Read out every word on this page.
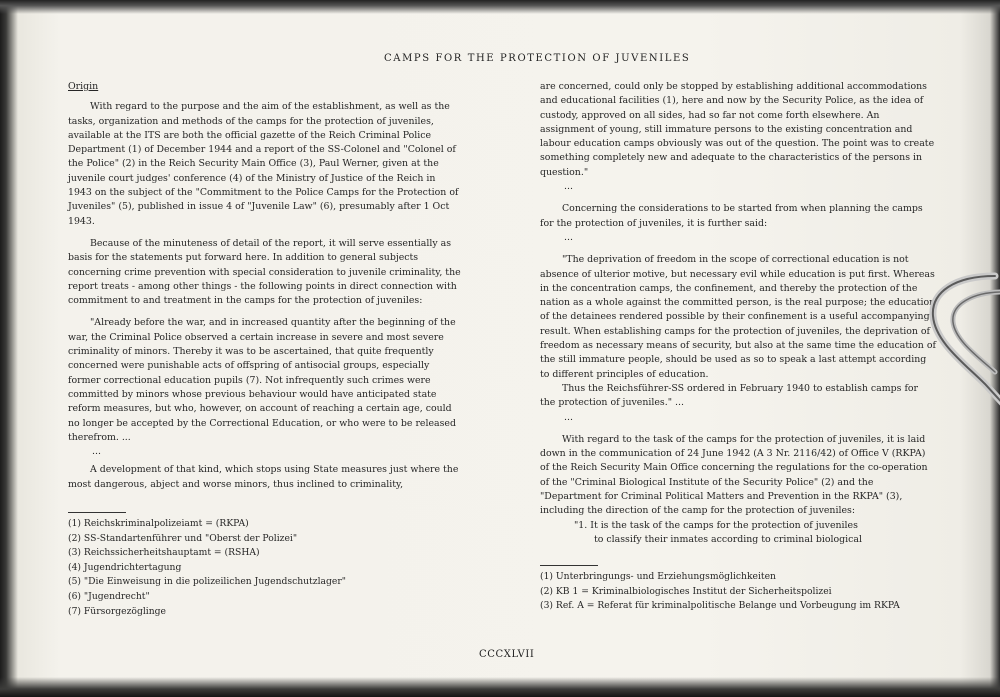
CAMPS FOR THE PROTECTION OF JUVENILES

Origin

With regard to the purpose and the aim of the establishment, as well as the tasks, organization and methods of the camps for the protection of juveniles, available at the ITS are both the official gazette of the Reich Criminal Police Department (1) of December 1944 and a report of the SS-Colonel and "Colonel of the Police" (2) in the Reich Security Main Office (3), Paul Werner, given at the juvenile court judges' conference (4) of the Ministry of Justice of the Reich in 1943 on the subject of the "Commitment to the Police Camps for the Protection of Juveniles" (5), published in issue 4 of "Juvenile Law" (6), presumably after 1 Oct 1943.

Because of the minuteness of detail of the report, it will serve essentially as basis for the statements put forward here. In addition to general subjects concerning crime prevention with special consideration to juvenile criminality, the report treats - among other things - the following points in direct connection with commitment to and treatment in the camps for the protection of juveniles:

"Already before the war, and in increased quantity after the beginning of the war, the Criminal Police observed a certain increase in severe and most severe criminality of minors. Thereby it was to be ascertained, that quite frequently concerned were punishable acts of offspring of antisocial groups, especially former correctional education pupils (7). Not infrequently such crimes were committed by minors whose previous behaviour would have anticipated state reform measures, but who, however, on account of reaching a certain age, could no longer be accepted by the Correctional Education, or who were to be released therefrom. ...

...

A development of that kind, which stops using State measures just where the most dangerous, abject and worse minors, thus inclined to criminality,

(1) Reichskriminalpolizeiamt = (RKPA)

(2) SS-Standartenführer und "Oberst der Polizei"

(3) Reichssicherheitshauptamt = (RSHA)

(4) Jugendrichtertagung

(5) "Die Einweisung in die polizeilichen Jugendschutzlager"

(6) "Jugendrecht"

(7) Fürsorgezöglinge

are concerned, could only be stopped by establishing additional accommodations and educational facilities (1), here and now by the Security Police, as the idea of custody, approved on all sides, had so far not come forth elsewhere. An assignment of young, still immature persons to the existing concentration and labour education camps obviously was out of the question. The point was to create something completely new and adequate to the characteristics of the persons in question."

...

Concerning the considerations to be started from when planning the camps for the protection of juveniles, it is further said:

...

"The deprivation of freedom in the scope of correctional education is not absence of ulterior motive, but necessary evil while education is put first. Whereas in the concentration camps, the confinement, and thereby the protection of the nation as a whole against the committed person, is the real purpose; the education of the detainees rendered possible by their confinement is a useful accompanying result. When establishing camps for the protection of juveniles, the deprivation of freedom as necessary means of security, but also at the same time the education of the still immature people, should be used as so to speak a last attempt according to different principles of education.

Thus the Reichsführer-SS ordered in February 1940 to establish camps for the protection of juveniles." ...

...

With regard to the task of the camps for the protection of juveniles, it is laid down in the communication of 24 June 1942 (A 3 Nr. 2116/42) of Office V (RKPA) of the Reich Security Main Office concerning the regulations for the co-operation of the "Criminal Biological Institute of the Security Police" (2) and the "Department for Criminal Political Matters and Prevention in the RKPA" (3), including the direction of the camp for the protection of juveniles:

"1. It is the task of the camps for the protection of juveniles

to classify their inmates according to criminal biological

(1) Unterbringungs- und Erziehungsmöglichkeiten

(2) KB 1 = Kriminalbiologisches Institut der Sicherheitspolizei

(3) Ref. A = Referat für kriminalpolitische Belange und Vorbeugung im RKPA

CCCXLVII
